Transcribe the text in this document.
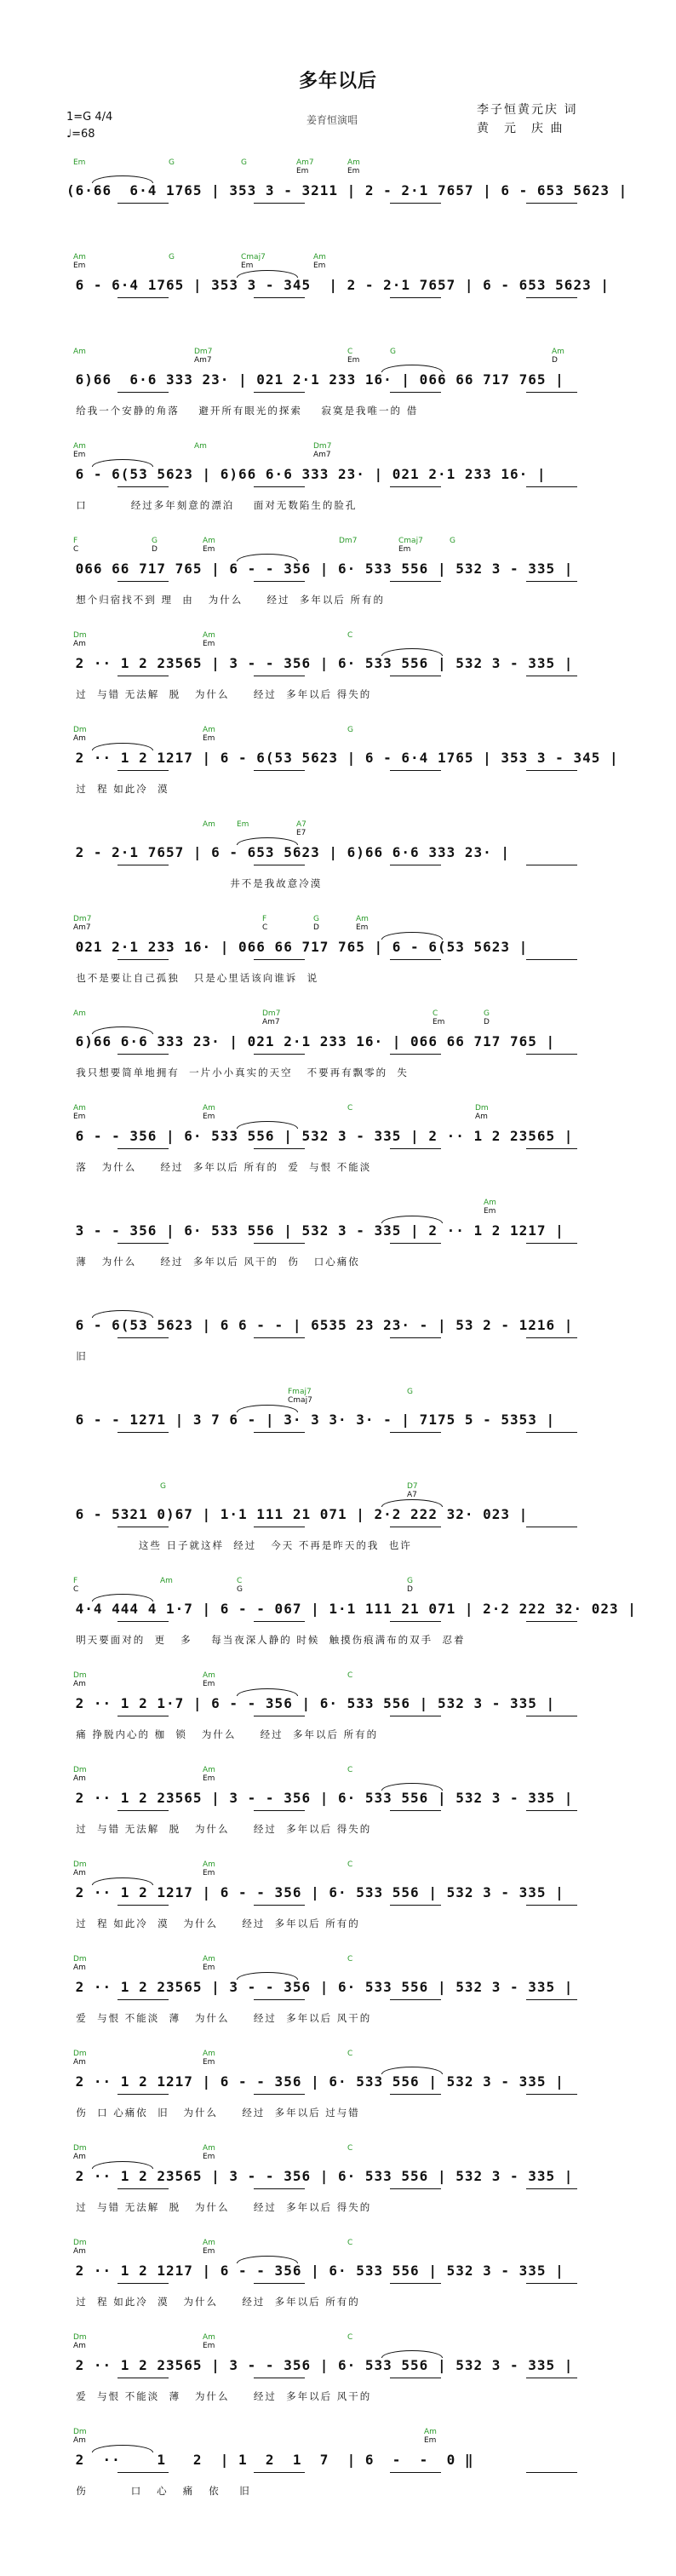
多年以后
1=G 4/4
♩=68
姜育恒演唱
李子恒黄元庆 词
黄　元　庆 曲
Em	G	G	Am7
Em
Am
Em
(6·66  6·4 1765 | 353 3 - 3211 | 2 - 2·1 7657 | 6 - 653 5623 |
Am
Em
G	Cmaj7
Em
Am
Em
6 - 6·4 1765 | 353 3 - 345  | 2 - 2·1 7657 | 6 - 653 5623 |
Am	Dm7
Am7
C
Em
G	Am
D
6)66  6·6 333 23· | 021 2·1 233 16· | 066 66 717 765 |
给我一个安静的角落    避开所有眼光的探索    寂寞是我唯一的 借
Am
Em
Am	Dm7
Am7
6 - 6(53 5623 | 6)66 6·6 333 23· | 021 2·1 233 16· |
口         经过多年刻意的漂泊    面对无数陷生的脸孔
F
C
G
D
Am
Em
Dm7	Cmaj7
Em
G
066 66 717 765 | 6 - - 356 | 6· 533 556 | 532 3 - 335 |
想个归宿找不到 理  由   为什么     经过  多年以后 所有的
Dm
Am
Am
Em
C
2 ·· 1 2 23565 | 3 - - 356 | 6· 533 556 | 532 3 - 335 |
过  与错 无法解  脱   为什么     经过  多年以后 得失的
Dm
Am
Am
Em
G
2 ·· 1 2 1217 | 6 - 6(53 5623 | 6 - 6·4 1765 | 353 3 - 345 |
过  程 如此冷  漠
Am	Em	A7
E7
2 - 2·1 7657 | 6 - 653 5623 | 6)66 6·6 333 23· |
井不是我故意冷漠
Dm7
Am7
F
C
G
D
Am
Em
021 2·1 233 16· | 066 66 717 765 | 6 - 6(53 5623 |
也不是要让自己孤独   只是心里话该向谁诉  说
Am	Dm7
Am7
C
Em
G
D
6)66 6·6 333 23· | 021 2·1 233 16· | 066 66 717 765 |
我只想要简单地拥有  一片小小真实的天空   不要再有飘零的  失
Am
Em
Am
Em
C	Dm
Am
6 - - 356 | 6· 533 556 | 532 3 - 335 | 2 ·· 1 2 23565 |
落   为什么     经过  多年以后 所有的  爱  与恨 不能淡
Am
Em
3 - - 356 | 6· 533 556 | 532 3 - 335 | 2 ·· 1 2 1217 |
薄   为什么     经过  多年以后 风干的  伤   口心痛依
6 - 6(53 5623 | 6 6 - - | 6535 23 23· - | 53 2 - 1216 |
旧
Fmaj7
Cmaj7
G
6 - - 1271 | 3 7 6 - | 3· 3 3· 3· - | 7175 5 - 5353 |
G	D7
A7
6 - 5321 0)67 | 1·1 111 21 071 | 2·2 222 32· 023 |
这些 日子就这样  经过   今天 不再是昨天的我  也许
F
C
Am	C
G
G
D
4·4 444 4 1·7 | 6 - - 067 | 1·1 111 21 071 | 2·2 222 32· 023 |
明天要面对的  更   多    每当夜深人静的 时候  触摸伤痕满布的双手  忍着
Dm
Am
Am
Em
C
2 ·· 1 2 1·7 | 6 - - 356 | 6· 533 556 | 532 3 - 335 |
痛 挣脱内心的 枷  锁   为什么     经过  多年以后 所有的
Dm
Am
Am
Em
C
2 ·· 1 2 23565 | 3 - - 356 | 6· 533 556 | 532 3 - 335 |
过  与错 无法解  脱   为什么     经过  多年以后 得失的
Dm
Am
Am
Em
C
2 ·· 1 2 1217 | 6 - - 356 | 6· 533 556 | 532 3 - 335 |
过  程 如此冷  漠   为什么     经过  多年以后 所有的
Dm
Am
Am
Em
C
2 ·· 1 2 23565 | 3 - - 356 | 6· 533 556 | 532 3 - 335 |
爱  与恨 不能淡  薄   为什么     经过  多年以后 风干的
Dm
Am
Am
Em
C
2 ·· 1 2 1217 | 6 - - 356 | 6· 533 556 | 532 3 - 335 |
伤  口 心痛依  旧   为什么     经过  多年以后 过与错
Dm
Am
Am
Em
C
2 ·· 1 2 23565 | 3 - - 356 | 6· 533 556 | 532 3 - 335 |
过  与错 无法解  脱   为什么     经过  多年以后 得失的
Dm
Am
Am
Em
C
2 ·· 1 2 1217 | 6 - - 356 | 6· 533 556 | 532 3 - 335 |
过  程 如此冷  漠   为什么     经过  多年以后 所有的
Dm
Am
Am
Em
C
2 ·· 1 2 23565 | 3 - - 356 | 6· 533 556 | 532 3 - 335 |
爱  与恨 不能淡  薄   为什么     经过  多年以后 风干的
Dm
Am
Am
Em
2  ··    1   2  | 1  2  1  7  | 6  -  -  0 ‖
伤         口   心   痛   依    旧
